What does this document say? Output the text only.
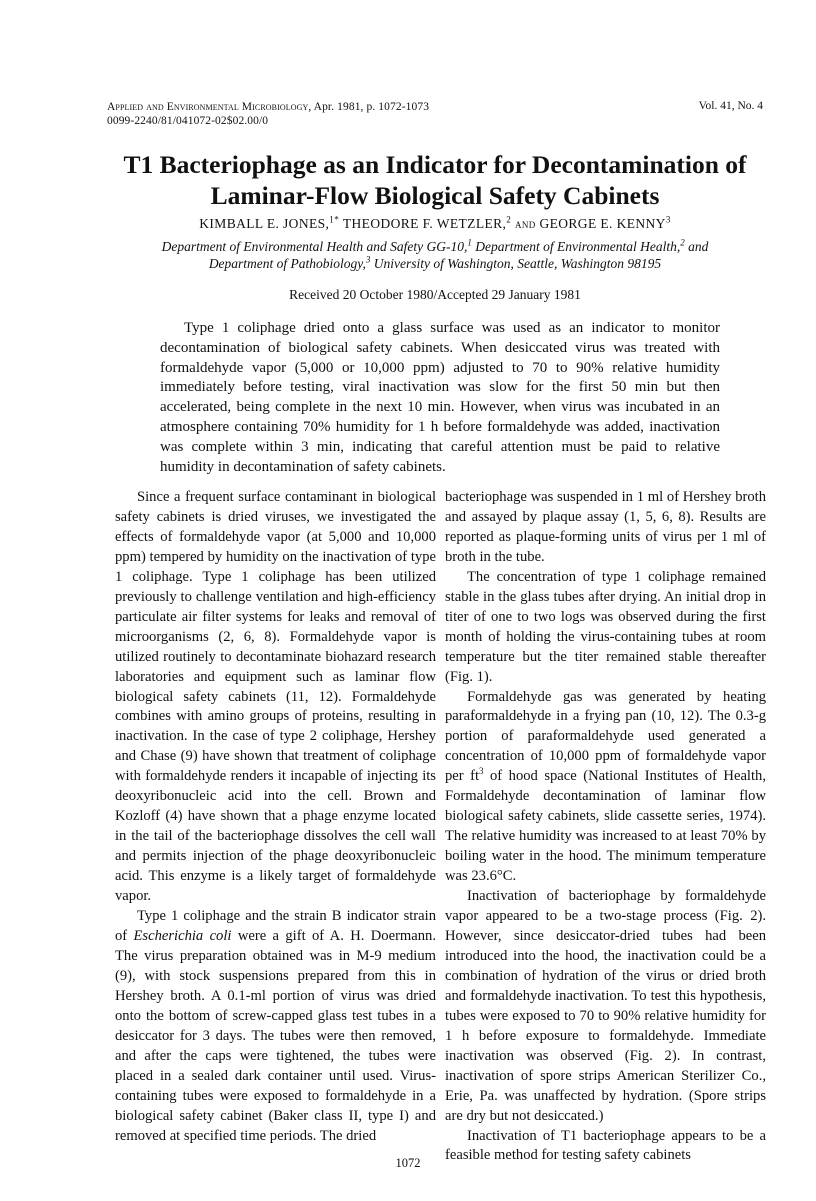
Applied and Environmental Microbiology, Apr. 1981, p. 1072-1073
0099-2240/81/041072-02$02.00/0
Vol. 41, No. 4
T1 Bacteriophage as an Indicator for Decontamination of Laminar-Flow Biological Safety Cabinets
KIMBALL E. JONES,$^{1*}$ THEODORE F. WETZLER,$^2$ and GEORGE E. KENNY$^3$
Department of Environmental Health and Safety GG-10,$^1$ Department of Environmental Health,$^2$ and
Department of Pathobiology,$^3$ University of Washington, Seattle, Washington 98195
Received 20 October 1980/Accepted 29 January 1981

Type 1 coliphage dried onto a glass surface was used as an indicator to monitor decontamination of biological safety cabinets. When desiccated virus was treated with formaldehyde vapor (5,000 or 10,000 ppm) adjusted to 70 to 90% relative humidity immediately before testing, viral inactivation was slow for the first 50 min but then accelerated, being complete in the next 10 min. However, when virus was incubated in an atmosphere containing 70% humidity for 1 h before formaldehyde was added, inactivation was complete within 3 min, indicating that careful attention must be paid to relative humidity in decontamination of safety cabinets.

Since a frequent surface contaminant in biological safety cabinets is dried viruses, we investigated the effects of formaldehyde vapor (at 5,000 and 10,000 ppm) tempered by humidity on the inactivation of type 1 coliphage. Type 1 coliphage has been utilized previously to challenge ventilation and high-efficiency particulate air filter systems for leaks and removal of microorganisms (2, 6, 8). Formaldehyde vapor is utilized routinely to decontaminate biohazard research laboratories and equipment such as laminar flow biological safety cabinets (11, 12). Formaldehyde combines with amino groups of proteins, resulting in inactivation. In the case of type 2 coliphage, Hershey and Chase (9) have shown that treatment of coliphage with formaldehyde renders it incapable of injecting its deoxyribonucleic acid into the cell. Brown and Kozloff (4) have shown that a phage enzyme located in the tail of the bacteriophage dissolves the cell wall and permits injection of the phage deoxyribonucleic acid. This enzyme is a likely target of formaldehyde vapor.

Type 1 coliphage and the strain B indicator strain of Escherichia coli were a gift of A. H. Doermann. The virus preparation obtained was in M-9 medium (9), with stock suspensions prepared from this in Hershey broth. A 0.1-ml portion of virus was dried onto the bottom of screw-capped glass test tubes in a desiccator for 3 days. The tubes were then removed, and after the caps were tightened, the tubes were placed in a sealed dark container until used. Virus-containing tubes were exposed to formaldehyde in a biological safety cabinet (Baker class II, type I) and removed at specified time periods. The dried

bacteriophage was suspended in 1 ml of Hershey broth and assayed by plaque assay (1, 5, 6, 8). Results are reported as plaque-forming units of virus per 1 ml of broth in the tube.

The concentration of type 1 coliphage remained stable in the glass tubes after drying. An initial drop in titer of one to two logs was observed during the first month of holding the virus-containing tubes at room temperature but the titer remained stable thereafter (Fig. 1).

Formaldehyde gas was generated by heating paraformaldehyde in a frying pan (10, 12). The 0.3-g portion of paraformaldehyde used generated a concentration of 10,000 ppm of formaldehyde vapor per $ft^3$ of hood space (National Institutes of Health, Formaldehyde decontamination of laminar flow biological safety cabinets, slide cassette series, 1974). The relative humidity was increased to at least 70% by boiling water in the hood. The minimum temperature was 23.6°C.

Inactivation of bacteriophage by formaldehyde vapor appeared to be a two-stage process (Fig. 2). However, since desiccator-dried tubes had been introduced into the hood, the inactivation could be a combination of hydration of the virus or dried broth and formaldehyde inactivation. To test this hypothesis, tubes were exposed to 70 to 90% relative humidity for 1 h before exposure to formaldehyde. Immediate inactivation was observed (Fig. 2). In contrast, inactivation of spore strips American Sterilizer Co., Erie, Pa. was unaffected by hydration. (Spore strips are dry but not desiccated.)

Inactivation of T1 bacteriophage appears to be a feasible method for testing safety cabinets

1072
